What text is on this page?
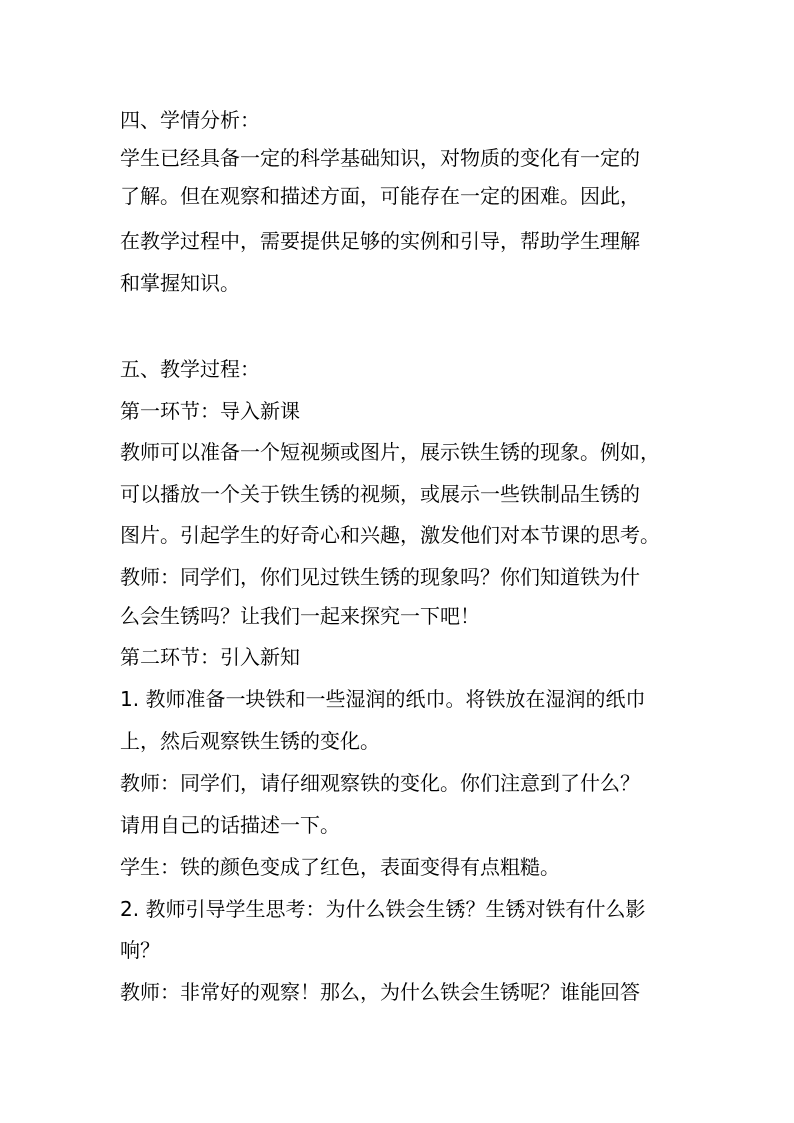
四、学情分析：
学生已经具备一定的科学基础知识，对物质的变化有一定的
了解。但在观察和描述方面，可能存在一定的困难。因此，
在教学过程中，需要提供足够的实例和引导，帮助学生理解
和掌握知识。
五、教学过程：
第一环节：导入新课
教师可以准备一个短视频或图片，展示铁生锈的现象。例如，
可以播放一个关于铁生锈的视频，或展示一些铁制品生锈的
图片。引起学生的好奇心和兴趣，激发他们对本节课的思考。
教师：同学们，你们见过铁生锈的现象吗？你们知道铁为什
么会生锈吗？让我们一起来探究一下吧！
第二环节：引入新知
1. 教师准备一块铁和一些湿润的纸巾。将铁放在湿润的纸巾
上，然后观察铁生锈的变化。
教师：同学们，请仔细观察铁的变化。你们注意到了什么？
请用自己的话描述一下。
学生：铁的颜色变成了红色，表面变得有点粗糙。
2. 教师引导学生思考：为什么铁会生锈？生锈对铁有什么影
响？
教师：非常好的观察！那么，为什么铁会生锈呢？谁能回答
